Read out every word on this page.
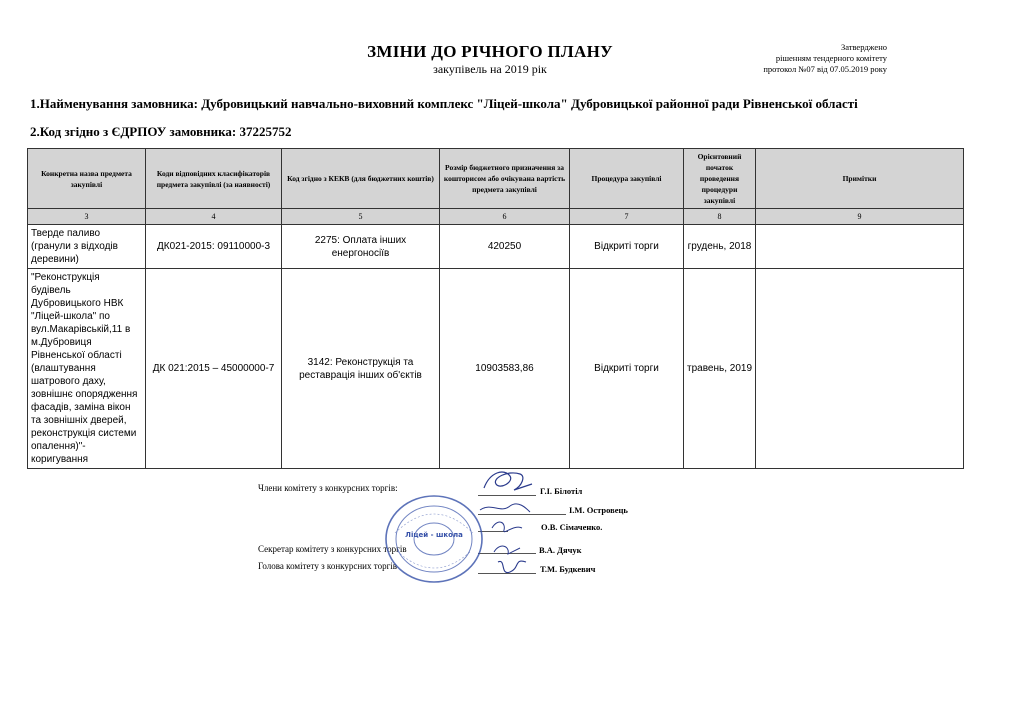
ЗМІНИ ДО РІЧНОГО ПЛАНУ
закупівель на 2019 рік
Затверджено
рішенням тендерного комітету
протокол №07 від 07.05.2019 року
1.Найменування замовника: Дубровицький навчально-виховний комплекс "Ліцей-школа" Дубровицької районної ради Рівненської області
2.Код згідно з ЄДРПОУ замовника: 37225752
Конкретна назва предмета закупівлі	Коди відповідних класифікаторів предмета закупівлі (за наявності)	Код згідно з КЕКВ (для бюджетних коштів)	Розмір бюджетного призначення за кошторисом або очікувана вартість предмета закупівлі	Процедура закупівлі	Орієнтовний початок проведення процедури закупівлі	Примітки
3	4	5	6	7	8	9
Тверде паливо (гранули з відходів деревини)	ДК021-2015: 09110000-3	2275: Оплата інших енергоносіїв	420250	Відкриті торги	грудень, 2018	
"Реконструкція будівель Дубровицького НВК "Ліцей-школа" по вул.Макарівській,11 в м.Дубровиця Рівненської області (влаштування шатрового даху, зовнішнє опорядження фасадів, заміна вікон та зовнішніх дверей, реконструкція системи опалення)"-коригування	ДК 021:2015 – 45000000-7	3142: Реконструкція та реставрація інших об'єктів	10903583,86	Відкриті торги	травень, 2019	
Члени комітету з конкурсних торгів:
Секретар комітету з конкурсних торгів
Голова комітету з конкурсних торгів
Г.І. Білотіл
І.М. Островець
О.В. Сімаченко.
В.А. Дячук
Т.М. Будкевич
Ліцей - школа
